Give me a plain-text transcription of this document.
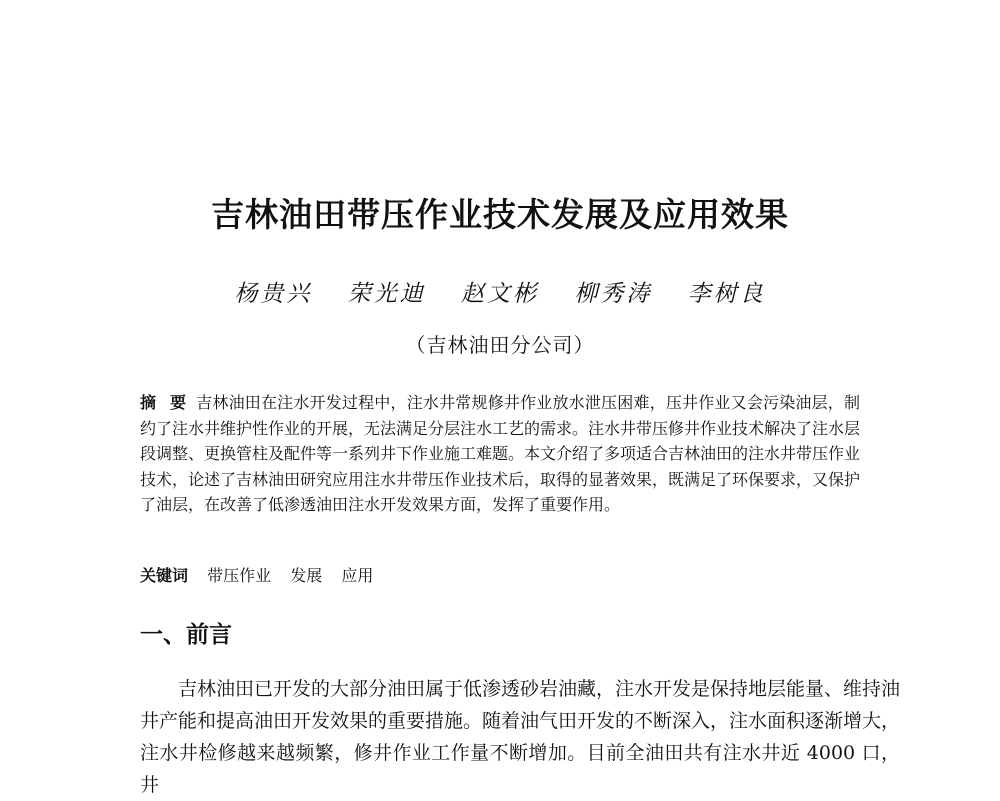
吉林油田带压作业技术发展及应用效果
杨贵兴 荣光迪 赵文彬 柳秀涛 李树良
（吉林油田分公司）
摘 要 吉林油田在注水开发过程中，注水井常规修井作业放水泄压困难，压井作业又会污染油层，制约了注水井维护性作业的开展，无法满足分层注水工艺的需求。注水井带压修井作业技术解决了注水层段调整、更换管柱及配件等一系列井下作业施工难题。本文介绍了多项适合吉林油田的注水井带压作业技术，论述了吉林油田研究应用注水井带压作业技术后，取得的显著效果，既满足了环保要求，又保护了油层，在改善了低渗透油田注水开发效果方面，发挥了重要作用。
关键词 带压作业 发展 应用
一、前言
吉林油田已开发的大部分油田属于低渗透砂岩油藏，注水开发是保持地层能量、维持油井产能和提高油田开发效果的重要措施。随着油气田开发的不断深入，注水面积逐渐增大，注水井检修越来越频繁，修井作业工作量不断增加。目前全油田共有注水井近 4000 口，井
